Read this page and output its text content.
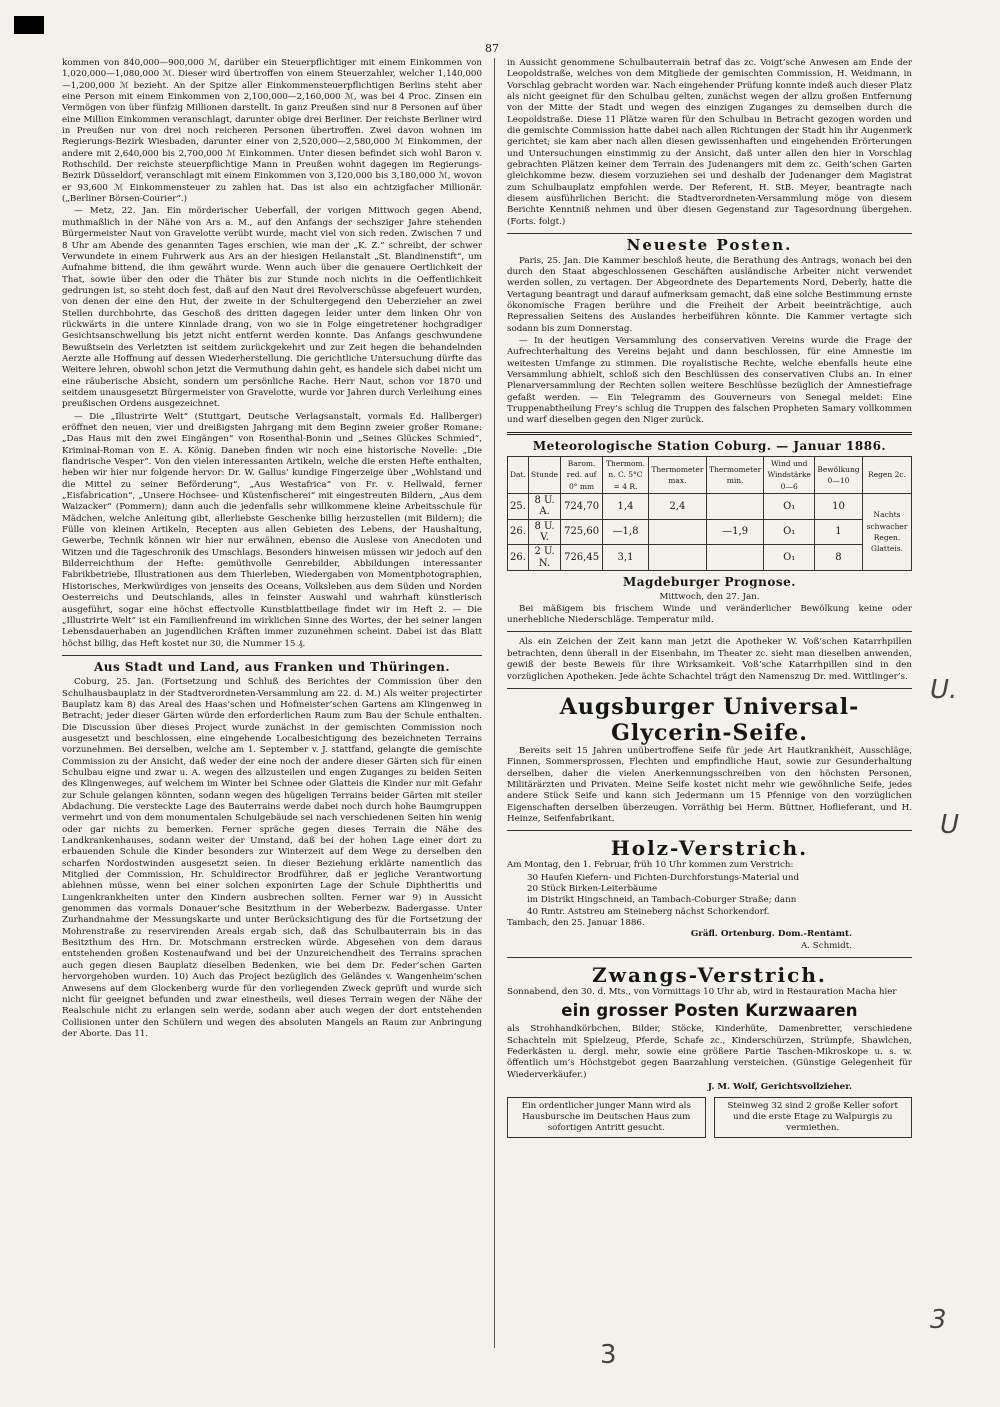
87

kommen von 840,000—900,000 ℳ, darüber ein Steuerpflichtiger mit einem Einkommen von 1,020,000—1,080,000 ℳ. Dieser wird übertroffen von einem Steuerzahler, welcher 1,140,000—1,200,000 ℳ bezieht. An der Spitze aller Einkommensteuerpflichtigen Berlins steht aber eine Person mit einem Einkommen von 2,100,000—2,160,000 ℳ, was bei 4 Proc. Zinsen ein Vermögen von über fünfzig Millionen darstellt. In ganz Preußen sind nur 8 Personen auf über eine Million Einkommen veranschlagt, darunter obige drei Berliner. Der reichste Berliner wird in Preußen nur von drei noch reicheren Personen übertroffen. Zwei davon wohnen im Regierungs-Bezirk Wiesbaden, darunter einer von 2,520,000—2,580,000 ℳ Einkommen, der andere mit 2,640,000 bis 2,700,000 ℳ Einkommen. Unter diesen befindet sich wohl Baron v. Rothschild. Der reichste steuerpflichtige Mann in Preußen wohnt dagegen im Regierungs-Bezirk Düsseldorf, veranschlagt mit einem Einkommen von 3,120,000 bis 3,180,000 ℳ, wovon er 93,600 ℳ Einkommensteuer zu zahlen hat. Das ist also ein achtzigfacher Millionär. („Berliner Börsen-Courier“.)

— Metz, 22. Jan. Ein mörderischer Ueberfall, der vorigen Mittwoch gegen Abend, muthmaßlich in der Nähe von Ars a. M., auf den Anfangs der sechsziger Jahre stehenden Bürgermeister Naut von Gravelotte verübt wurde, macht viel von sich reden. Zwischen 7 und 8 Uhr am Abende des genannten Tages erschien, wie man der „K. Z.“ schreibt, der schwer Verwundete in einem Fuhrwerk aus Ars an der hiesigen Heilanstalt „St. Blandinenstift“, um Aufnahme bittend, die ihm gewährt wurde. Wenn auch über die genauere Oertlichkeit der That, sowie über den oder die Thäter bis zur Stunde noch nichts in die Oeffentlichkeit gedrungen ist, so steht doch fest, daß auf den Naut drei Revolverschüsse abgefeuert wurden, von denen der eine den Hut, der zweite in der Schultergegend den Ueberzieher an zwei Stellen durchbohrte, das Geschoß des dritten dagegen leider unter dem linken Ohr von rückwärts in die untere Kinnlade drang, von wo sie in Folge eingetretener hochgradiger Gesichtsanschwellung bis jetzt nicht entfernt werden konnte. Das Anfangs geschwundene Bewußtsein des Verletzten ist seitdem zurückgekehrt und zur Zeit hegen die behandelnden Aerzte alle Hoffnung auf dessen Wiederherstellung. Die gerichtliche Untersuchung dürfte das Weitere lehren, obwohl schon jetzt die Vermuthung dahin geht, es handele sich dabei nicht um eine räuberische Absicht, sondern um persönliche Rache. Herr Naut, schon vor 1870 und seitdem unausgesetzt Bürgermeister von Gravelotte, wurde vor Jahren durch Verleihung eines preußischen Ordens ausgezeichnet.

— Die „Illustrirte Welt“ (Stuttgart, Deutsche Verlagsanstalt, vormals Ed. Hallberger) eröffnet den neuen, vier und dreißigsten Jahrgang mit dem Beginn zweier großer Romane: „Das Haus mit den zwei Eingängen“ von Rosenthal-Bonin und „Seines Glückes Schmied“, Kriminal-Roman von E. A. König. Daneben finden wir noch eine historische Novelle: „Die flandrische Vesper“. Von den vielen interessanten Artikeln, welche die ersten Hefte enthalten, heben wir hier nur folgende hervor: Dr. W. Gallus’ kundige Fingerzeige über „Wohlstand und die Mittel zu seiner Beförderung“, „Aus Westafrica“ von Fr. v. Hellwald, ferner „Eisfabrication“, „Unsere Hochsee- und Küstenfischerei“ mit eingestreuten Bildern, „Aus dem Waizacker“ (Pommern); dann auch die jedenfalls sehr willkommene kleine Arbeitsschule für Mädchen, welche Anleitung gibt, allerliebste Geschenke billig herzustellen (mit Bildern); die Fülle von kleinen Artikeln, Recepten aus allen Gebieten des Lebens, der Haushaltung, Gewerbe, Technik können wir hier nur erwähnen, ebenso die Auslese von Anecdoten und Witzen und die Tageschronik des Umschlags. Besonders hinweisen müssen wir jedoch auf den Bilderreichthum der Hefte: gemüthvolle Genrebilder, Abbildungen interessanter Fabrikbetriebe, Illustrationen aus dem Thierleben, Wiedergaben von Momentphotographien, Historisches, Merkwürdiges von jenseits des Oceans, Volksleben aus dem Süden und Norden Oesterreichs und Deutschlands, alles in feinster Auswahl und wahrhaft künstlerisch ausgeführt, sogar eine höchst effectvolle Kunstblattbeilage findet wir im Heft 2. — Die „Illustrirte Welt“ ist ein Familienfreund im wirklichen Sinne des Wortes, der bei seiner langen Lebensdauerhaben an jugendlichen Kräften immer zuzunehmen scheint. Dabei ist das Blatt höchst billig, das Heft kostet nur 30, die Nummer 15 ₰.

Aus Stadt und Land, aus Franken und Thüringen.

Coburg, 25. Jan. (Fortsetzung und Schluß des Berichtes der Commission über den Schulhausbauplatz in der Stadtverordneten-Versammlung am 22. d. M.) Als weiter projectirter Bauplatz kam 8) das Areal des Haas’schen und Hofmeister’schen Gartens am Klingenweg in Betracht; jeder dieser Gärten würde den erforderlichen Raum zum Bau der Schule enthalten. Die Discussion über dieses Project wurde zunächst in der gemischten Commission noch ausgesetzt und beschlossen, eine eingehende Localbesichtigung des bezeichneten Terrains vorzunehmen. Bei derselben, welche am 1. September v. J. stattfand, gelangte die gemischte Commission zu der Ansicht, daß weder der eine noch der andere dieser Gärten sich für einen Schulbau eigne und zwar u. A. wegen des allzusteilen und engen Zuganges zu beiden Seiten des Klingenweges, auf welchem im Winter bei Schnee oder Glatteis die Kinder nur mit Gefahr zur Schule gelangen könnten, sodann wegen des hügeligen Terrains beider Gärten mit steiler Abdachung. Die versteckte Lage des Bauterrains werde dabei noch durch hohe Baumgruppen vermehrt und von dem monumentalen Schulgebäude sei nach verschiedenen Seiten hin wenig oder gar nichts zu bemerken. Ferner spräche gegen dieses Terrain die Nähe des Landkrankenhauses, sodann weiter der Umstand, daß bei der hohen Lage einer dort zu erbauenden Schule die Kinder besonders zur Winterzeit auf dem Wege zu derselben den scharfen Nordostwinden ausgesetzt seien. In dieser Beziehung erklärte namentlich das Mitglied der Commission, Hr. Schuldirector Brodführer, daß er jegliche Verantwortung ablehnen müsse, wenn bei einer solchen exponirten Lage der Schule Diphtheritis und Lungenkrankheiten unter den Kindern ausbrechen sollten. Ferner war 9) in Aussicht genommen das vormals Donauer’sche Besitzthum in der Weberbezw. Badergasse. Unter Zurhandnahme der Messungskarte und unter Berücksichtigung des für die Fortsetzung der Mohrenstraße zu reservirenden Areals ergab sich, daß das Schulbauterrain bis in das Besitzthum des Hrn. Dr. Motschmann erstrecken würde. Abgesehen von dem daraus entstehenden großen Kostenaufwand und bei der Unzureichendheit des Terrains sprachen auch gegen diesen Bauplatz dieselben Bedenken, wie bei dem Dr. Feder’schen Garten hervorgehoben wurden. 10) Auch das Project bezüglich des Geländes v. Wangenheim’schen Anwesens auf dem Glockenberg wurde für den vorliegenden Zweck geprüft und wurde sich nicht für geeignet befunden und zwar einestheils, weil dieses Terrain wegen der Nähe der Realschule nicht zu erlangen sein werde, sodann aber auch wegen der dort entstehenden Collisionen unter den Schülern und wegen des absoluten Mangels an Raum zur Anbringung der Aborte. Das 11.

in Aussicht genommene Schulbauterrain betraf das zc. Voigt’sche Anwesen am Ende der Leopoldstraße, welches von dem Mitgliede der gemischten Commission, H. Weidmann, in Vorschlag gebracht worden war. Nach eingehender Prüfung konnte indeß auch dieser Platz als nicht geeignet für den Schulbau gelten, zunächst wegen der allzu großen Entfernung von der Mitte der Stadt und wegen des einzigen Zuganges zu demselben durch die Leopoldstraße. Diese 11 Plätze waren für den Schulbau in Betracht gezogen worden und die gemischte Commission hatte dabei nach allen Richtungen der Stadt hin ihr Augenmerk gerichtet; sie kam aber nach allen diesen gewissenhaften und eingehenden Erörterungen und Untersuchungen einstimmig zu der Ansicht, daß unter allen den hier in Vorschlag gebrachten Plätzen keiner dem Terrain des Judenangers mit dem zc. Geith’schen Garten gleichkomme bezw. diesem vorzuziehen sei und deshalb der Judenanger dem Magistrat zum Schulbauplatz empfohlen werde. Der Referent, H. StB. Meyer, beantragte nach diesem ausführlichen Bericht: die Stadtverordneten-Versammlung möge von diesem Berichte Kenntniß nehmen und über diesen Gegenstand zur Tagesordnung übergehen. (Forts. folgt.)

Neueste Posten.

Paris, 25. Jan. Die Kammer beschloß heute, die Berathung des Antrags, wonach bei den durch den Staat abgeschlossenen Geschäften ausländische Arbeiter nicht verwendet werden sollen, zu vertagen. Der Abgeordnete des Departements Nord, Deberly, hatte die Vertagung beantragt und darauf aufmerksam gemacht, daß eine solche Bestimmung ernste ökonomische Fragen berühre und die Freiheit der Arbeit beeinträchtige, auch Repressalien Seitens des Auslandes herbeiführen könnte. Die Kammer vertagte sich sodann bis zum Donnerstag.

— In der heutigen Versammlung des conservativen Vereins wurde die Frage der Aufrechterhaltung des Vereins bejaht und dann beschlossen, für eine Amnestie im weitesten Umfange zu stimmen. Die royalistische Rechte, welche ebenfalls heute eine Versammlung abhielt, schloß sich den Beschlüssen des conservativen Clubs an. In einer Plenarversammlung der Rechten sollen weitere Beschlüsse bezüglich der Amnestiefrage gefaßt werden. — Ein Telegramm des Gouverneurs von Senegal meldet: Eine Truppenabtheilung Frey’s schlug die Truppen des falschen Propheten Samary vollkommen und warf dieselben gegen den Niger zurück.

Meteorologische Station Coburg. — Januar 1886.
Dat.	Stunde	Barom. red. auf 0° mm	Thermom. n. C. 5°C = 4 R.	Thermometer max.	Thermometer min.	Wind und Windstärke 0—6	Bewölkung 0—10	Regen 2c.
25.	8 U. A.	724,70	1,4	2,4		O₁	10	Nachts schwacher Regen. Glatteis.
26.	8 U. V.	725,60	—1,8		—1,9	O₁	1	
26.	2 U. N.	726,45	3,1			O₁	8	
Magdeburger Prognose.
Mittwoch, den 27. Jan.

Bei mäßigem bis frischem Winde und veränderlicher Bewölkung keine oder unerhebliche Niederschläge. Temperatur mild.

Als ein Zeichen der Zeit kann man jetzt die Apotheker W. Voß’schen Katarrhpillen betrachten, denn überall in der Eisenbahn, im Theater zc. sieht man dieselben anwenden, gewiß der beste Beweis für ihre Wirksamkeit. Voß’sche Katarrhpillen sind in den vorzüglichen Apotheken. Jede ächte Schachtel trägt den Namenszug Dr. med. Wittlinger’s.

Augsburger Universal-Glycerin-Seife.

Bereits seit 15 Jahren unübertroffene Seife für jede Art Hautkrankheit, Ausschläge, Finnen, Sommersprossen, Flechten und empfindliche Haut, sowie zur Gesunderhaltung derselben, daher die vielen Anerkennungsschreiben von den höchsten Personen, Militärärzten und Privaten. Meine Seife kostet nicht mehr wie gewöhnliche Seife, jedes andere Stück Seife und kann sich Jedermann um 15 Pfennige von den vorzüglichen Eigenschaften derselben überzeugen. Vorräthig bei Herm. Büttner, Hoflieferant, und H. Heinze, Seifenfabrikant.

Holz-Verstrich.

Am Montag, den 1. Februar, früh 10 Uhr kommen zum Verstrich:

30 Haufen Kiefern- und Fichten-Durchforstungs-Material und
20 Stück Birken-Leiterbäume
im Distrikt Hingschneid, an Tambach-Coburger Straße; dann
40 Rmtr. Aststreu am Steineberg nächst Schorkendorf.
Tambach, den 25. Januar 1886.
Gräfl. Ortenburg. Dom.-Rentamt.
A. Schmidt.
Zwangs-Verstrich.

Sonnabend, den 30. d. Mts., von Vormittags 10 Uhr ab, wird in Restauration Macha hier

ein grosser Posten Kurzwaaren

als Strohhandkörbchen, Bilder, Stöcke, Kinderhüte, Damenbretter, verschiedene Schachteln mit Spielzeug, Pferde, Schafe zc., Kinderschürzen, Strümpfe, Shawlchen, Federkästen u. dergl. mehr, sowie eine größere Partie Taschen-Mikroskope u. s. w. öffentlich um’s Höchstgebot gegen Baarzahlung versteichen. (Günstige Gelegenheit für Wiederverkäufer.)

J. M. Wolf, Gerichtsvollzieher.
Ein ordentlicher junger Mann wird als Hausbursche im Deutschen Haus zum sofortigen Antritt gesucht.
Steinweg 32 sind 2 große Keller sofort und die erste Etage zu Walpurgis zu vermiethen.
U.
U
3
3
